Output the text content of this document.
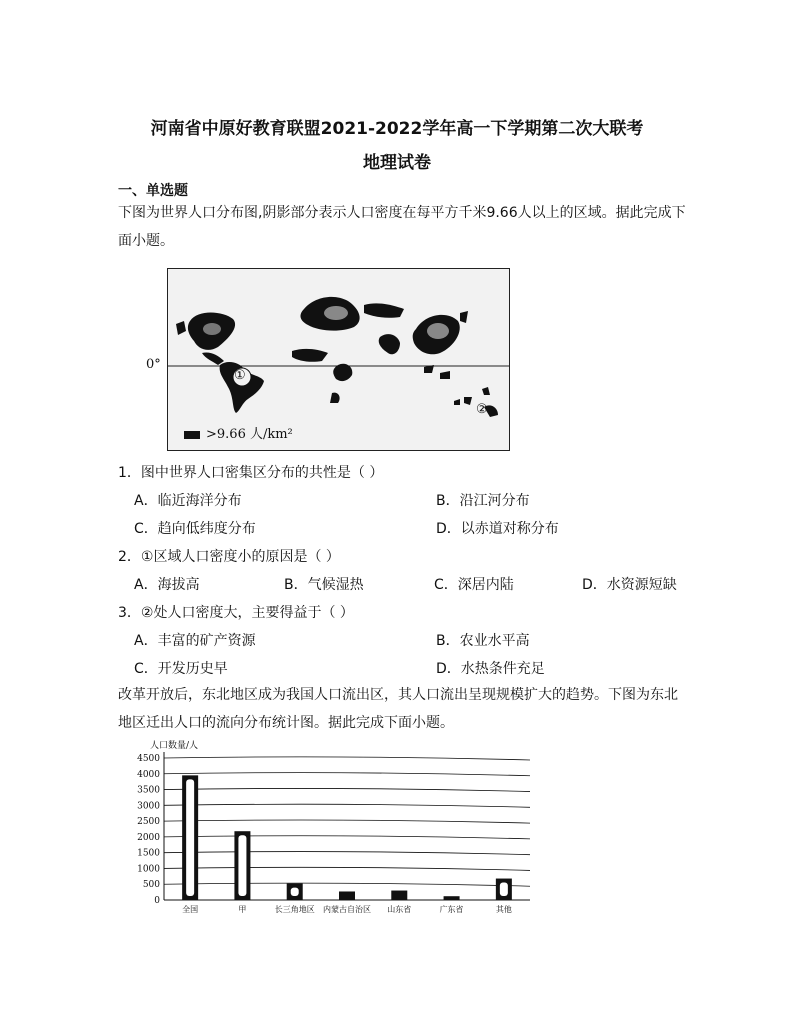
河南省中原好教育联盟2021-2022学年高一下学期第二次大联考
地理试卷
一、单选题
下图为世界人口分布图,阴影部分表示人口密度在每平方千米9.66人以上的区域。据此完成下面小题。
0°
①
②
>9.66 人/km²
1．图中世界人口密集区分布的共性是（ ）
A．临近海洋分布	B．沿江河分布
C．趋向低纬度分布	D．以赤道对称分布
2．①区域人口密度小的原因是（ ）
A．海拔高	B．气候湿热	C．深居内陆	D．水资源短缺
3．②处人口密度大，主要得益于（ ）
A．丰富的矿产资源	B．农业水平高
C．开发历史早	D．水热条件充足
改革开放后，东北地区成为我国人口流出区，其人口流出呈现规模扩大的趋势。下图为东北地区迁出人口的流向分布统计图。据此完成下面小题。
人口数量/人
0
500
1000
1500
2000
2500
3000
3500
4000
4500
全国	甲	长三角地区 内蒙古自治区 山东省	广东省	其他
